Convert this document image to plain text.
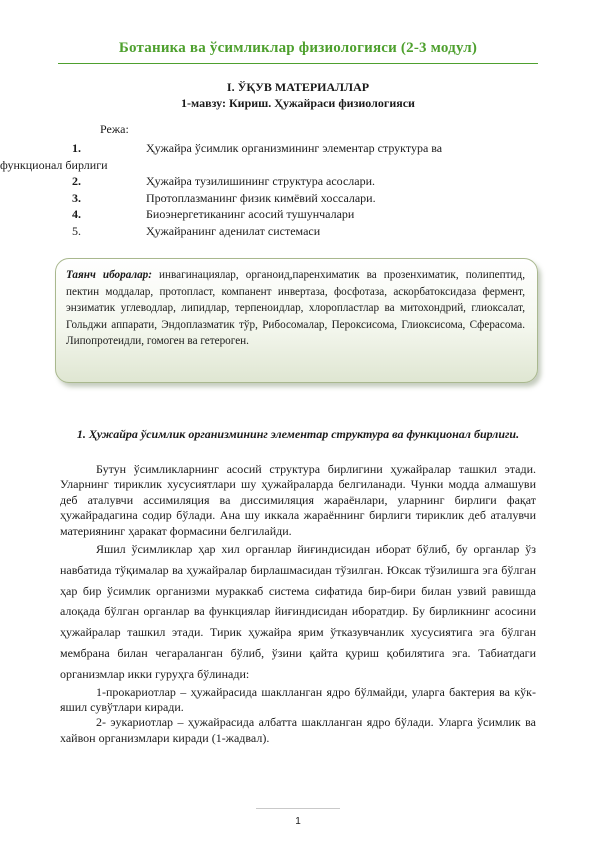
Ботаника ва ўсимликлар физиологияси (2-3 модул)
I. ЎҚУВ МАТЕРИАЛЛАР
1-мавзу: Кириш. Ҳужайраси физиологияси
Режа:
1.	Ҳужайра ўсимлик организмининг элементар структура ва
функционал бирлиги
2.	Ҳужайра тузилишининг структура асослари.
3.	Протоплазманинг физик кимёвий хоссалари.
4.	Биоэнергетиканинг асосий тушунчалари
5.	Ҳужайранинг аденилат системаси
Таянч иборалар: инвагинациялар, органоид,паренхиматик ва прозенхиматик, полипептид, пектин моддалар, протопласт, компанент инвертаза, фосфотаза, аскорбатоксидаза фермент, энзиматик углеводлар, липидлар, терпеноидлар, хлоропластлар ва митохондрий, глиоксалат, Гольджи аппарати, Эндоплазматик тўр, Рибосомалар, Пероксисома, Глиоксисома, Сферасома. Липопротеидли, гомоген ва гетероген.
1. Ҳужайра ўсимлик организмининг элементар структура ва функционал бирлиги.

Бутун ўсимликларнинг асосий структура бирлигини ҳужайралар ташкил этади. Уларнинг тириклик хусусиятлари шу ҳужайраларда белгиланади. Чунки модда алмашуви деб аталувчи ассимиляция ва диссимиляция жараёнлари, уларнинг бирлиги фақат ҳужайрадагина содир бўлади. Ана шу иккала жараённинг бирлиги тириклик деб аталувчи материянинг ҳаракат формасини белгилайди.

Яшил ўсимликлар ҳар хил органлар йиғиндисидан иборат бўлиб, бу органлар ўз навбатида тўқималар ва ҳужайралар бирлашмасидан тўзилган. Юксак тўзилишга эга бўлган ҳар бир ўсимлик организми мураккаб система сифатида бир-бири билан узвий равишда алоқада бўлган органлар ва функциялар йиғиндисидан иборатдир. Бу бирликнинг асосини ҳужайралар ташкил этади. Тирик ҳужайра ярим ўтказувчанлик хусусиятига эга бўлган мембрана билан чегараланган бўлиб, ўзини қайта қуриш қобилятига эга. Табиатдаги организмлар икки гуруҳга бўлинади:

1-прокариотлар – ҳужайрасида шаклланган ядро бўлмайди, уларга бактерия ва кўк-яшил сувўтлари киради.

2- эукариотлар – ҳужайрасида албатта шаклланган ядро бўлади. Уларга ўсимлик ва хайвон организмлари киради (1-жадвал).

1
